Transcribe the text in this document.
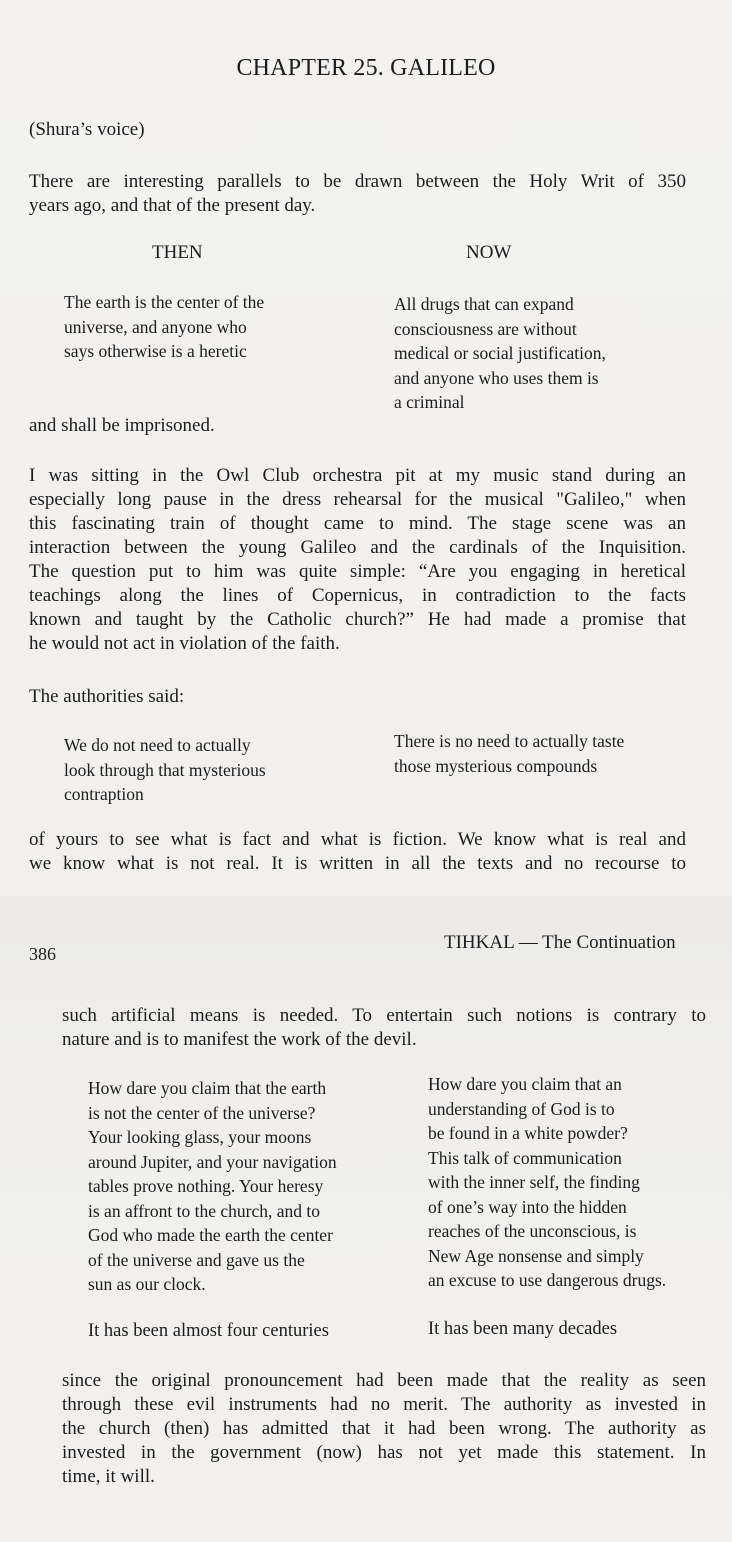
CHAPTER 25. GALILEO

(Shura’s voice)

There are interesting parallels to be drawn between the Holy Writ of 350
years ago, and that of the present day.
THEN	NOW
The earth is the center of the
universe, and anyone who
says otherwise is a heretic
All drugs that can expand
consciousness are without
medical or social justification,
and anyone who uses them is
a criminal

and shall be imprisoned.

I was sitting in the Owl Club orchestra pit at my music stand during an
especially long pause in the dress rehearsal for the musical "Galileo," when
this fascinating train of thought came to mind. The stage scene was an
interaction between the young Galileo and the cardinals of the Inquisition.
The question put to him was quite simple: “Are you engaging in heretical
teachings along the lines of Copernicus, in contradiction to the facts
known and taught by the Catholic church?” He had made a promise that
he would not act in violation of the faith.

The authorities said:

We do not need to actually
look through that mysterious
contraption
There is no need to actually taste
those mysterious compounds
of yours to see what is fact and what is fiction. We know what is real and
we know what is not real. It is written in all the texts and no recourse to
386
TIHKAL — The Continuation
such artificial means is needed. To entertain such notions is contrary to
nature and is to manifest the work of the devil.
How dare you claim that the earth
is not the center of the universe?
Your looking glass, your moons
around Jupiter, and your navigation
tables prove nothing. Your heresy
is an affront to the church, and to
God who made the earth the center
of the universe and gave us the
sun as our clock.
How dare you claim that an
understanding of God is to
be found in a white powder?
This talk of communication
with the inner self, the finding
of one’s way into the hidden
reaches of the unconscious, is
New Age nonsense and simply
an excuse to use dangerous drugs.
It has been almost four centuries	It has been many decades
since the original pronouncement had been made that the reality as seen
through these evil instruments had no merit. The authority as invested in
the church (then) has admitted that it had been wrong. The authority as
invested in the government (now) has not yet made this statement. In
time, it will.
